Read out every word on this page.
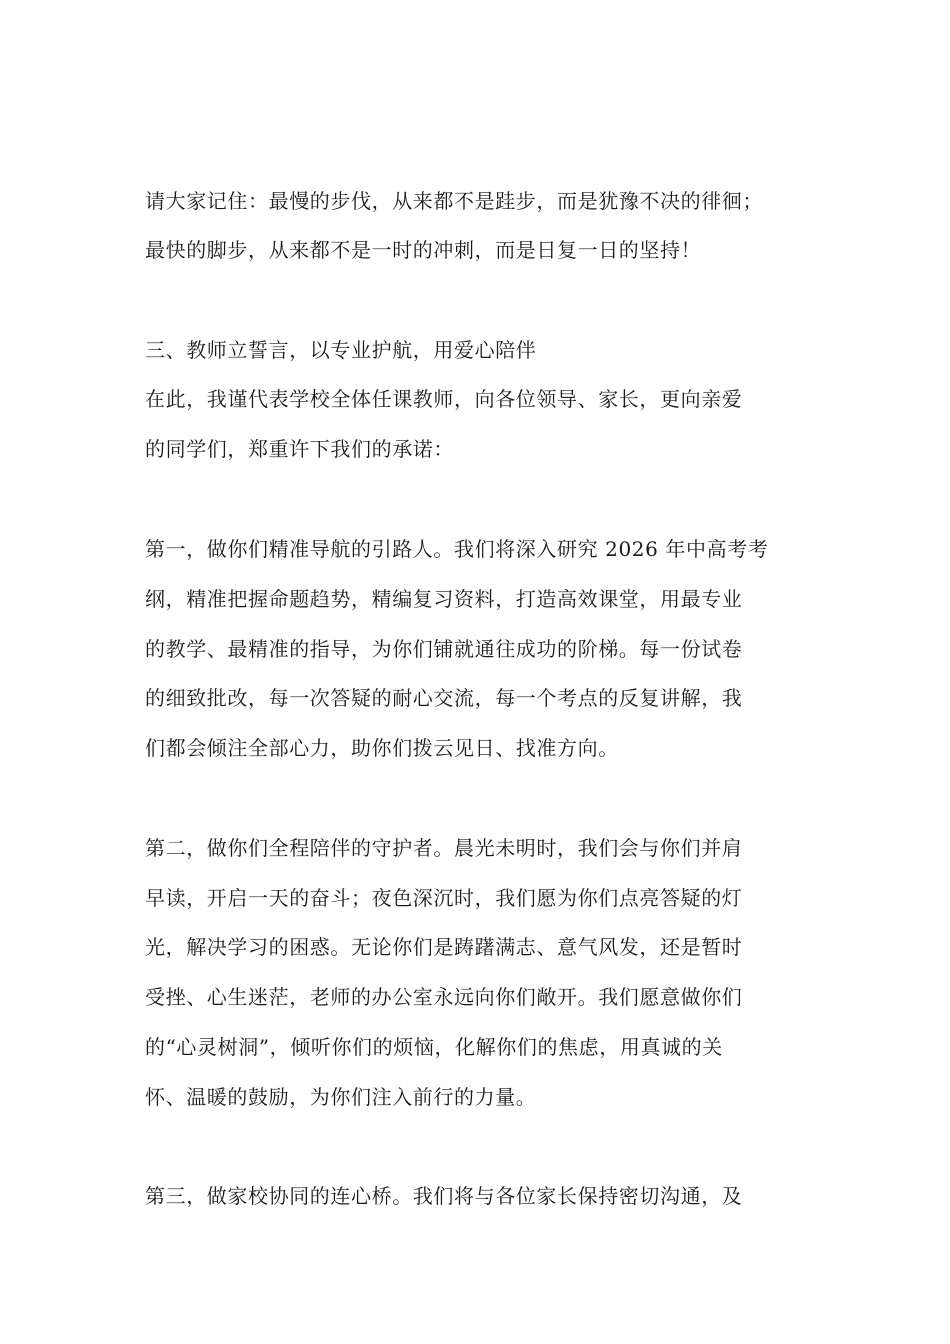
请大家记住：最慢的步伐，从来都不是跬步，而是犹豫不决的徘徊；
最快的脚步，从来都不是一时的冲刺，而是日复一日的坚持！
三、教师立誓言，以专业护航，用爱心陪伴
在此，我谨代表学校全体任课教师，向各位领导、家长，更向亲爱
的同学们，郑重许下我们的承诺：
第一，做你们精准导航的引路人。我们将深入研究 2026 年中高考考
纲，精准把握命题趋势，精编复习资料，打造高效课堂，用最专业
的教学、最精准的指导，为你们铺就通往成功的阶梯。每一份试卷
的细致批改，每一次答疑的耐心交流，每一个考点的反复讲解，我
们都会倾注全部心力，助你们拨云见日、找准方向。
第二，做你们全程陪伴的守护者。晨光未明时，我们会与你们并肩
早读，开启一天的奋斗；夜色深沉时，我们愿为你们点亮答疑的灯
光，解决学习的困惑。无论你们是踌躇满志、意气风发，还是暂时
受挫、心生迷茫，老师的办公室永远向你们敞开。我们愿意做你们
的“心灵树洞”，倾听你们的烦恼，化解你们的焦虑，用真诚的关
怀、温暖的鼓励，为你们注入前行的力量。
第三，做家校协同的连心桥。我们将与各位家长保持密切沟通，及
